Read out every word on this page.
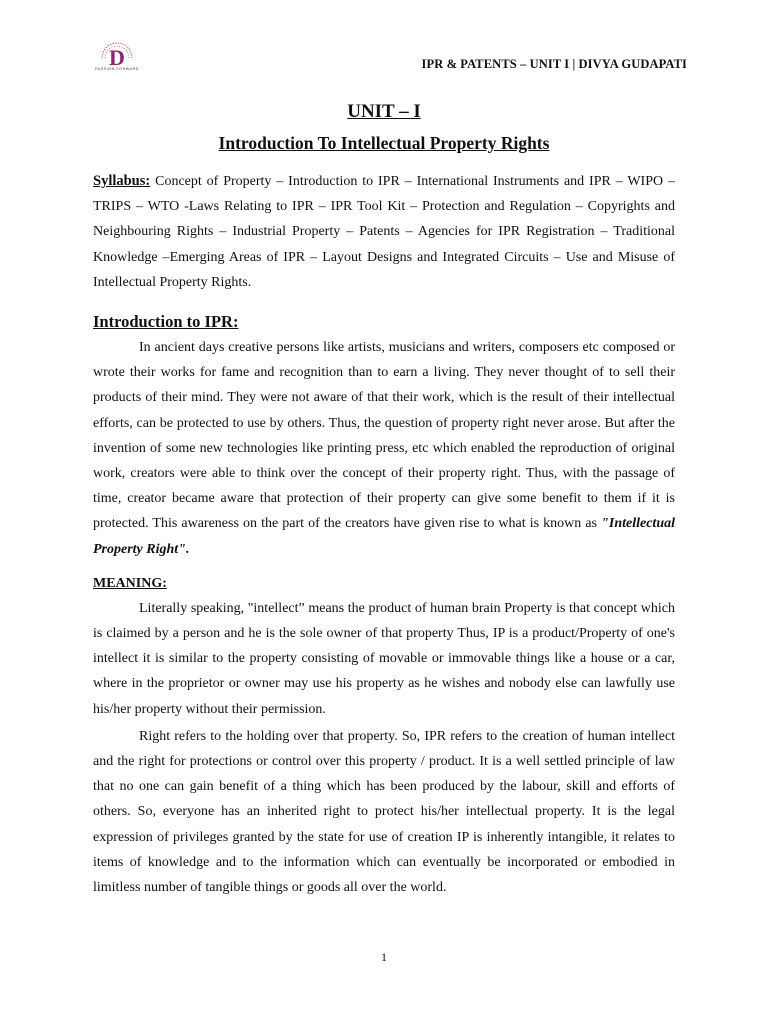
D
PASSION FORWARD	IPR & PATENTS – UNIT I | DIVYA GUDAPATI
UNIT – I
Introduction To Intellectual Property Rights

Syllabus: Concept of Property – Introduction to IPR – International Instruments and IPR – WIPO – TRIPS – WTO -Laws Relating to IPR – IPR Tool Kit – Protection and Regulation – Copyrights and Neighbouring Rights – Industrial Property – Patents – Agencies for IPR Registration – Traditional Knowledge –Emerging Areas of IPR – Layout Designs and Integrated Circuits – Use and Misuse of Intellectual Property Rights.

Introduction to IPR:

In ancient days creative persons like artists, musicians and writers, composers etc composed or wrote their works for fame and recognition than to earn a living. They never thought of to sell their products of their mind. They were not aware of that their work, which is the result of their intellectual efforts, can be protected to use by others. Thus, the question of property right never arose. But after the invention of some new technologies like printing press, etc which enabled the reproduction of original work, creators were able to think over the concept of their property right. Thus, with the passage of time, creator became aware that protection of their property can give some benefit to them if it is protected. This awareness on the part of the creators have given rise to what is known as "Intellectual Property Right".

MEANING:

Literally speaking, "intellect” means the product of human brain Property is that concept which is claimed by a person and he is the sole owner of that property Thus, IP is a product/Property of one's intellect it is similar to the property consisting of movable or immovable things like a house or a car, where in the proprietor or owner may use his property as he wishes and nobody else can lawfully use his/her property without their permission.

Right refers to the holding over that property. So, IPR refers to the creation of human intellect and the right for protections or control over this property / product. It is a well settled principle of law that no one can gain benefit of a thing which has been produced by the labour, skill and efforts of others. So, everyone has an inherited right to protect his/her intellectual property. It is the legal expression of privileges granted by the state for use of creation IP is inherently intangible, it relates to items of knowledge and to the information which can eventually be incorporated or embodied in limitless number of tangible things or goods all over the world.

1
